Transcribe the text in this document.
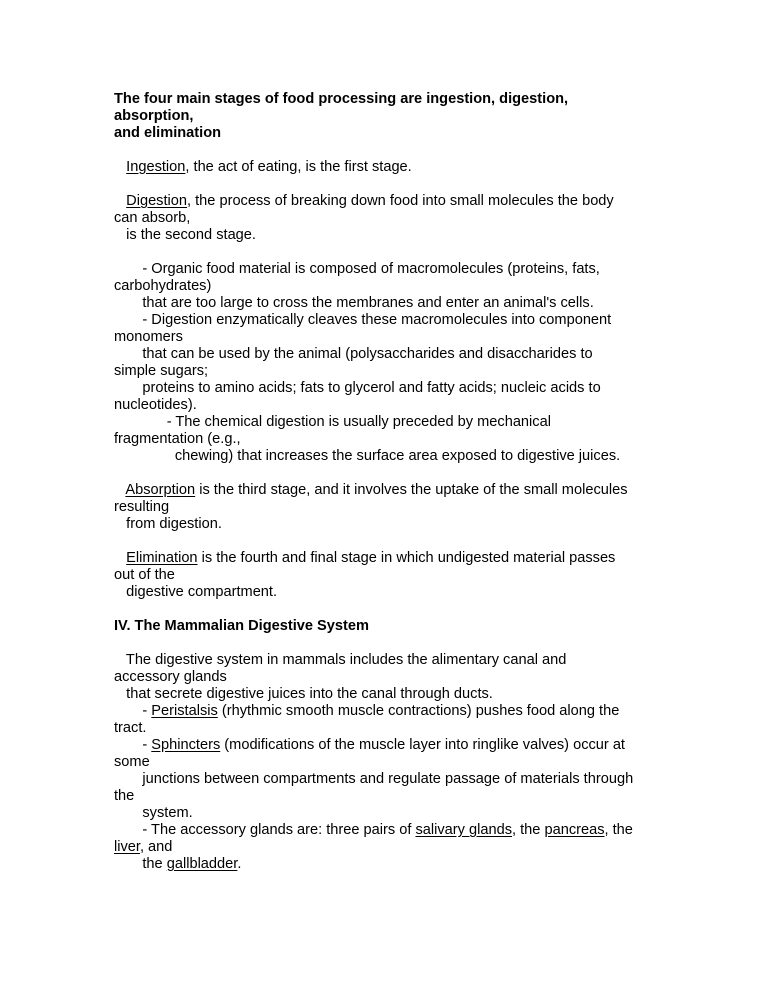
The four main stages of food processing are ingestion, digestion,
absorption,
and elimination
Ingestion, the act of eating, is the first stage.
Digestion, the process of breaking down food into small molecules the body
can absorb,
is the second stage.
- Organic food material is composed of macromolecules (proteins, fats,
carbohydrates)
that are too large to cross the membranes and enter an animal's cells.
- Digestion enzymatically cleaves these macromolecules into component
monomers
that can be used by the animal (polysaccharides and disaccharides to
simple sugars;
proteins to amino acids; fats to glycerol and fatty acids; nucleic acids to
nucleotides).
- The chemical digestion is usually preceded by mechanical
fragmentation (e.g.,
chewing) that increases the surface area exposed to digestive juices.
Absorption is the third stage, and it involves the uptake of the small molecules
resulting
from digestion.
Elimination is the fourth and final stage in which undigested material passes
out of the
digestive compartment.
IV. The Mammalian Digestive System
The digestive system in mammals includes the alimentary canal and
accessory glands
that secrete digestive juices into the canal through ducts.
- Peristalsis (rhythmic smooth muscle contractions) pushes food along the
tract.
- Sphincters (modifications of the muscle layer into ringlike valves) occur at
some
junctions between compartments and regulate passage of materials through
the
system.
- The accessory glands are: three pairs of salivary glands, the pancreas, the
liver, and
the gallbladder.
